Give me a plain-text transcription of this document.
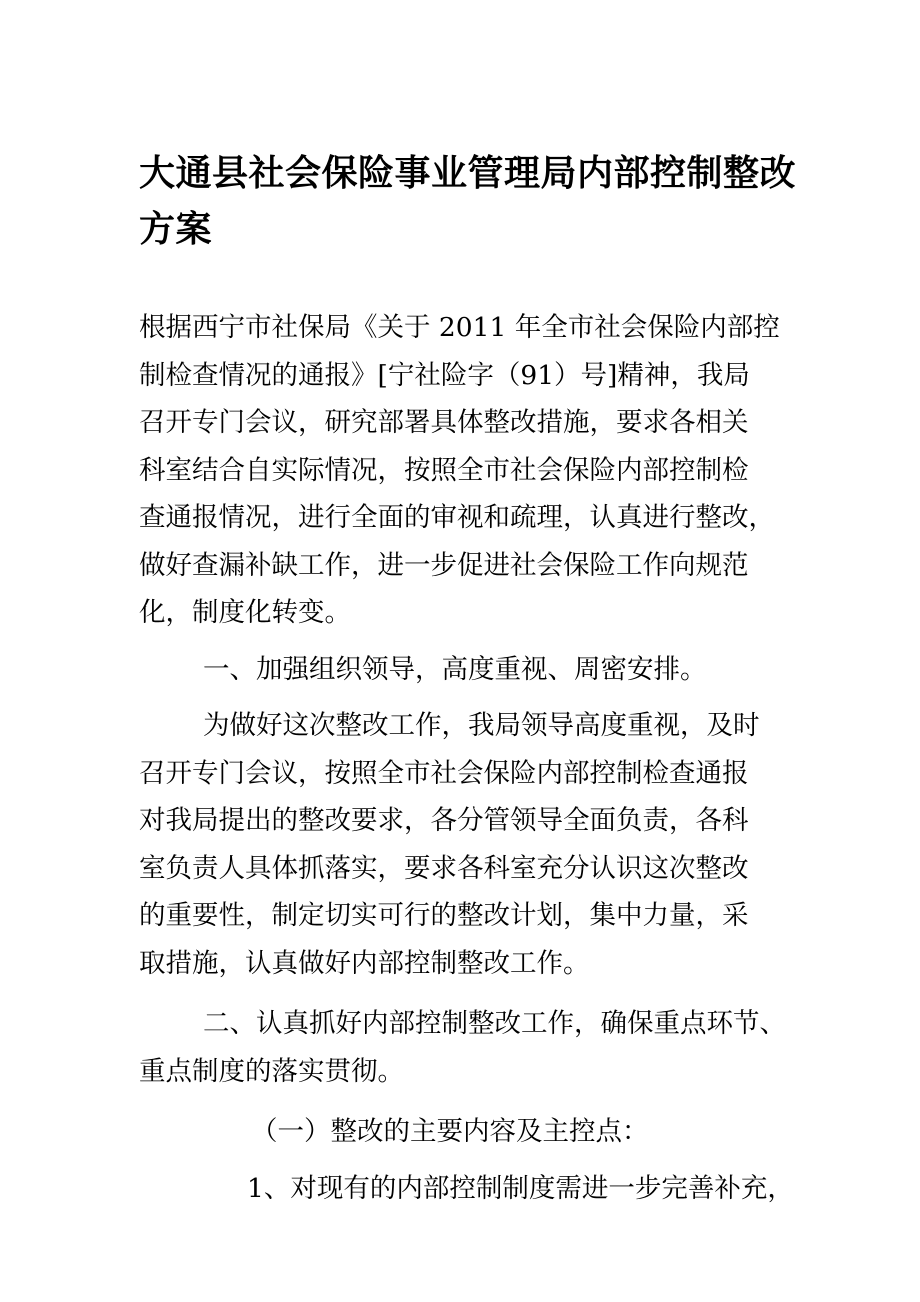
大通县社会保险事业管理局内部控制整改
方案

根据西宁市社保局《关于 2011 年全市社会保险内部控
制检查情况的通报》[宁社险字（91）号]精神，我局
召开专门会议，研究部署具体整改措施，要求各相关
科室结合自实际情况，按照全市社会保险内部控制检
查通报情况，进行全面的审视和疏理，认真进行整改，
做好查漏补缺工作，进一步促进社会保险工作向规范
化，制度化转变。

一、加强组织领导，高度重视、周密安排。

为做好这次整改工作，我局领导高度重视，及时
召开专门会议，按照全市社会保险内部控制检查通报
对我局提出的整改要求，各分管领导全面负责，各科
室负责人具体抓落实，要求各科室充分认识这次整改
的重要性，制定切实可行的整改计划，集中力量，采
取措施，认真做好内部控制整改工作。

二、认真抓好内部控制整改工作，确保重点环节、
重点制度的落实贯彻。

（一）整改的主要内容及主控点：

1、对现有的内部控制制度需进一步完善补充，
